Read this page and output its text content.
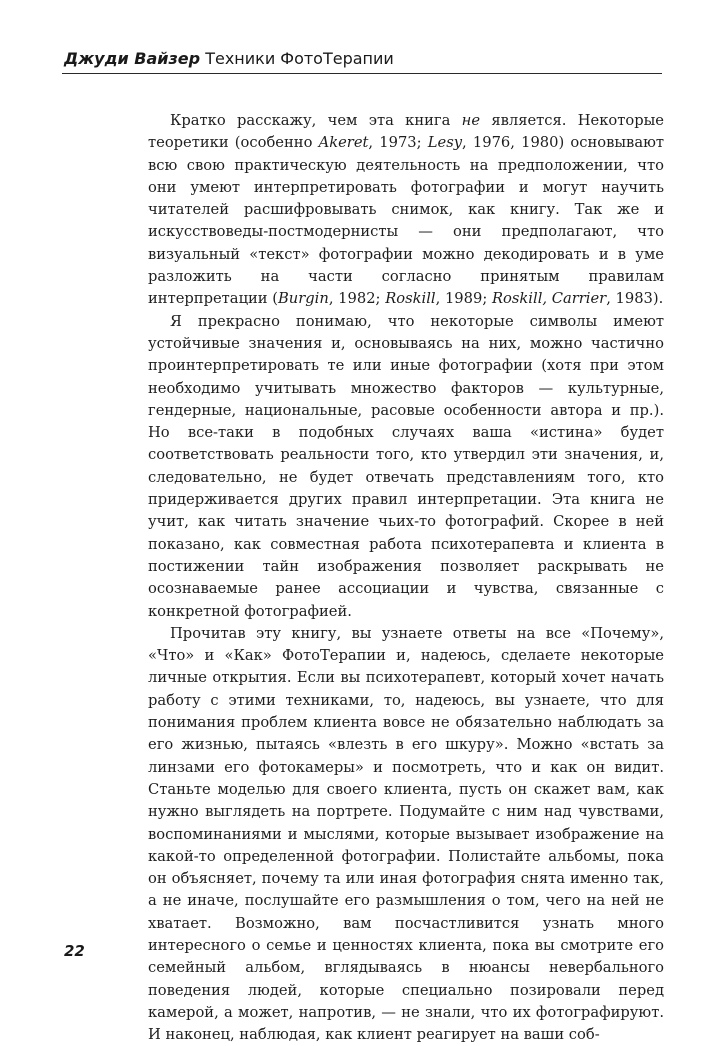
Джуди Вайзер Техники ФотоТерапии

Кратко расскажу, чем эта книга не является. Некоторые теоретики (особенно Akeret, 1973; Lesy, 1976, 1980) основывают всю свою практическую деятельность на предположении, что они умеют интерпретировать фотографии и могут научить читателей расшифровывать снимок, как книгу. Так же и искусствоведы-постмодернисты — они предполагают, что визуальный «текст» фотографии можно декодировать и в уме разложить на части согласно принятым правилам интерпретации (Burgin, 1982; Roskill, 1989; Roskill, Carrier, 1983).

Я прекрасно понимаю, что некоторые символы имеют устойчивые значения и, основываясь на них, можно частично проинтерпретировать те или иные фотографии (хотя при этом необходимо учитывать множество факторов — культурные, гендерные, национальные, расовые особенности автора и пр.). Но все-таки в подобных случаях ваша «истина» будет соответствовать реальности того, кто утвердил эти значения, и, следовательно, не будет отвечать представлениям того, кто придерживается других правил интерпретации. Эта книга не учит, как читать значение чьих-то фотографий. Скорее в ней показано, как совместная работа психотерапевта и клиента в постижении тайн изображения позволяет раскрывать не осознаваемые ранее ассоциации и чувства, связанные с конкретной фотографией.

Прочитав эту книгу, вы узнаете ответы на все «Почему», «Что» и «Как» ФотоТерапии и, надеюсь, сделаете некоторые личные открытия. Если вы психотерапевт, который хочет начать работу с этими техниками, то, надеюсь, вы узнаете, что для понимания проблем клиента вовсе не обязательно наблюдать за его жизнью, пытаясь «влезть в его шкуру». Можно «встать за линзами его фотокамеры» и посмотреть, что и как он видит. Станьте моделью для своего клиента, пусть он скажет вам, как нужно выглядеть на портрете. Подумайте с ним над чувствами, воспоминаниями и мыслями, которые вызывает изображение на какой-то определенной фотографии. Полистайте альбомы, пока он объясняет, почему та или иная фотография снята именно так, а не иначе, послушайте его размышления о том, чего на ней не хватает. Возможно, вам посчастливится узнать много интересного о семье и ценностях клиента, пока вы смотрите его семейный альбом, вглядываясь в нюансы невербального поведения людей, которые специально позировали перед камерой, а может, напротив, — не знали, что их фотографируют. И наконец, наблюдая, как клиент реагирует на ваши соб-

22
